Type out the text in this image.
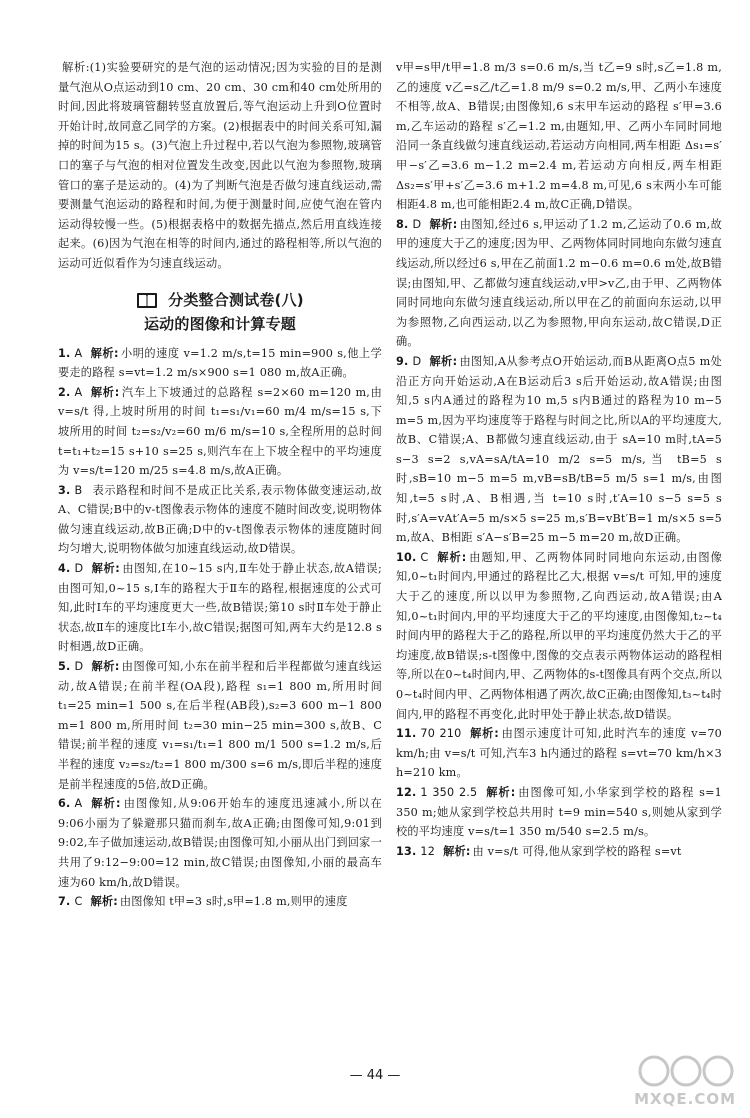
解析:(1)实验要研究的是气泡的运动情况;因为实验的目的是测量气泡从O点运动到10 cm、20 cm、30 cm和40 cm处所用的时间,因此将玻璃管翻转竖直放置后,等气泡运动上升到O位置时开始计时,故同意乙同学的方案。(2)根据表中的时间关系可知,漏掉的时间为15 s。(3)气泡上升过程中,若以气泡为参照物,玻璃管口的塞子与气泡的相对位置发生改变,因此以气泡为参照物,玻璃管口的塞子是运动的。(4)为了判断气泡是否做匀速直线运动,需要测量气泡运动的路程和时间,为便于测量时间,应使气泡在管内运动得较慢一些。(5)根据表格中的数据先描点,然后用直线连接起来。(6)因为气泡在相等的时间内,通过的路程相等,所以气泡的运动可近似看作为匀速直线运动。

分类整合测试卷(八)
运动的图像和计算专题

1. A 解析: 小明的速度 v=1.2 m/s,t=15 min=900 s,他上学要走的路程 s=vt=1.2 m/s×900 s=1 080 m,故A正确。

2. A 解析: 汽车上下坡通过的总路程 s=2×60 m=120 m,由 v=s/t 得,上坡时所用的时间 t₁=s₁/v₁=60 m/4 m/s=15 s,下坡所用的时间 t₂=s₂/v₂=60 m/6 m/s=10 s,全程所用的总时间 t=t₁+t₂=15 s+10 s=25 s,则汽车在上下坡全程中的平均速度为 v=s/t=120 m/25 s=4.8 m/s,故A正确。

3. B 表示路程和时间不是成正比关系,表示物体做变速运动,故A、C错误;B中的v-t图像表示物体的速度不随时间改变,说明物体做匀速直线运动,故B正确;D中的v-t图像表示物体的速度随时间均匀增大,说明物体做匀加速直线运动,故D错误。

4. D 解析: 由图知,在10~15 s内,Ⅱ车处于静止状态,故A错误;由图可知,0~15 s,Ⅰ车的路程大于Ⅱ车的路程,根据速度的公式可知,此时Ⅰ车的平均速度更大一些,故B错误;第10 s时Ⅱ车处于静止状态,故Ⅱ车的速度比Ⅰ车小,故C错误;据图可知,两车大约是12.8 s时相遇,故D正确。

5. D 解析: 由图像可知,小东在前半程和后半程都做匀速直线运动,故A错误;在前半程(OA段),路程 s₁=1 800 m,所用时间 t₁=25 min=1 500 s,在后半程(AB段),s₂=3 600 m−1 800 m=1 800 m,所用时间 t₂=30 min−25 min=300 s,故B、C错误;前半程的速度 v₁=s₁/t₁=1 800 m/1 500 s=1.2 m/s,后半程的速度 v₂=s₂/t₂=1 800 m/300 s=6 m/s,即后半程的速度是前半程速度的5倍,故D正确。

6. A 解析: 由图像知,从9:06开始车的速度迅速减小,所以在9:06小丽为了躲避那只猫而刹车,故A正确;由图像可知,9:01到9:02,车子做加速运动,故B错误;由图像可知,小丽从出门到回家一共用了9:12−9:00=12 min,故C错误;由图像知,小丽的最高车速为60 km/h,故D错误。

7. C 解析: 由图像知 t甲=3 s时,s甲=1.8 m,则甲的速度

v甲=s甲/t甲=1.8 m/3 s=0.6 m/s,当 t乙=9 s时,s乙=1.8 m,乙的速度 v乙=s乙/t乙=1.8 m/9 s=0.2 m/s,甲、乙两小车速度不相等,故A、B错误;由图像知,6 s末甲车运动的路程 s′甲=3.6 m,乙车运动的路程 s′乙=1.2 m,由题知,甲、乙两小车同时同地沿同一条直线做匀速直线运动,若运动方向相同,两车相距 Δs₁=s′甲−s′乙=3.6 m−1.2 m=2.4 m,若运动方向相反,两车相距 Δs₂=s′甲+s′乙=3.6 m+1.2 m=4.8 m,可见,6 s末两小车可能相距4.8 m,也可能相距2.4 m,故C正确,D错误。

8. D 解析: 由图知,经过6 s,甲运动了1.2 m,乙运动了0.6 m,故甲的速度大于乙的速度;因为甲、乙两物体同时同地向东做匀速直线运动,所以经过6 s,甲在乙前面1.2 m−0.6 m=0.6 m处,故B错误;由图知,甲、乙都做匀速直线运动,v甲>v乙,由于甲、乙两物体同时同地向东做匀速直线运动,所以甲在乙的前面向东运动,以甲为参照物,乙向西运动,以乙为参照物,甲向东运动,故C错误,D正确。

9. D 解析: 由图知,A从参考点O开始运动,而B从距离O点5 m处沿正方向开始运动,A在B运动后3 s后开始运动,故A错误;由图知,5 s内A通过的路程为10 m,5 s内B通过的路程为10 m−5 m=5 m,因为平均速度等于路程与时间之比,所以A的平均速度大,故B、C错误;A、B都做匀速直线运动,由于 sA=10 m时,tA=5 s−3 s=2 s,vA=sA/tA=10 m/2 s=5 m/s,当 tB=5 s时,sB=10 m−5 m=5 m,vB=sB/tB=5 m/5 s=1 m/s,由图知,t=5 s时,A、B相遇,当 t=10 s时,t′A=10 s−5 s=5 s时,s′A=vAt′A=5 m/s×5 s=25 m,s′B=vBt′B=1 m/s×5 s=5 m,故A、B相距 s′A−s′B=25 m−5 m=20 m,故D正确。

10. C 解析: 由题知,甲、乙两物体同时同地向东运动,由图像知,0~t₁时间内,甲通过的路程比乙大,根据 v=s/t 可知,甲的速度大于乙的速度,所以以甲为参照物,乙向西运动,故A错误;由A知,0~t₁时间内,甲的平均速度大于乙的平均速度,由图像知,t₂~t₄时间内甲的路程大于乙的路程,所以甲的平均速度仍然大于乙的平均速度,故B错误;s-t图像中,图像的交点表示两物体运动的路程相等,所以在0~t₄时间内,甲、乙两物体的s-t图像具有两个交点,所以0~t₄时间内甲、乙两物体相遇了两次,故C正确;由图像知,t₃~t₄时间内,甲的路程不再变化,此时甲处于静止状态,故D错误。

11. 70 210 解析: 由图示速度计可知,此时汽车的速度 v=70 km/h;由 v=s/t 可知,汽车3 h内通过的路程 s=vt=70 km/h×3 h=210 km。

12. 1 350 2.5 解析: 由图像可知,小华家到学校的路程 s=1 350 m;她从家到学校总共用时 t=9 min=540 s,则她从家到学校的平均速度 v=s/t=1 350 m/540 s=2.5 m/s。

13. 12 解析: 由 v=s/t 可得,他从家到学校的路程 s=vt

— 44 —
MXQE.COM
